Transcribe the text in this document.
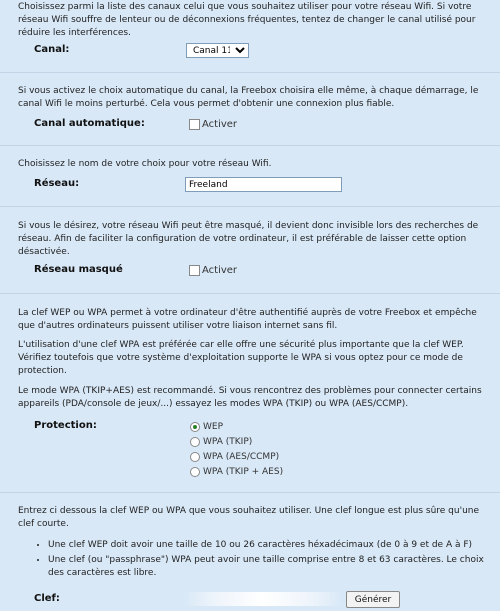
Choisissez parmi la liste des canaux celui que vous souhaitez utiliser pour votre réseau Wifi. Si votre réseau Wifi souffre de lenteur ou de déconnexions fréquentes, tentez de changer le canal utilisé pour réduire les interférences.

Canal:
Canal 11

Si vous activez le choix automatique du canal, la Freebox choisira elle même, à chaque démarrage, le canal Wifi le moins perturbé. Cela vous permet d'obtenir une connexion plus fiable.

Canal automatique:	Activer

Choisissez le nom de votre choix pour votre réseau Wifi.

Réseau:
Freeland

Si vous le désirez, votre réseau Wifi peut être masqué, il devient donc invisible lors des recherches de réseau. Afin de faciliter la configuration de votre ordinateur, il est préférable de laisser cette option désactivée.

Réseau masqué	Activer

La clef WEP ou WPA permet à votre ordinateur d'être authentifié auprès de votre Freebox et empêche que d'autres ordinateurs puissent utiliser votre liaison internet sans fil.

L'utilisation d'une clef WPA est préférée car elle offre une sécurité plus importante que la clef WEP. Vérifiez toutefois que votre système d'exploitation supporte le WPA si vous optez pour ce mode de protection.

Le mode WPA (TKIP+AES) est recommandé. Si vous rencontrez des problèmes pour connecter certains appareils (PDA/console de jeux/...) essayez les modes WPA (TKIP) ou WPA (AES/CCMP).

Protection:	WEP
WPA (TKIP)
WPA (AES/CCMP)
WPA (TKIP + AES)

Entrez ci dessous la clef WEP ou WPA que vous souhaitez utiliser. Une clef longue est plus sûre qu'une clef courte.

• Une clef WEP doit avoir une taille de 10 ou 26 caractères héxadécimaux (de 0 à 9 et de A à F)
• Une clef (ou "passphrase") WPA peut avoir une taille comprise entre 8 et 63 caractères. Le choix des caractères est libre.
Clef:	Générer
